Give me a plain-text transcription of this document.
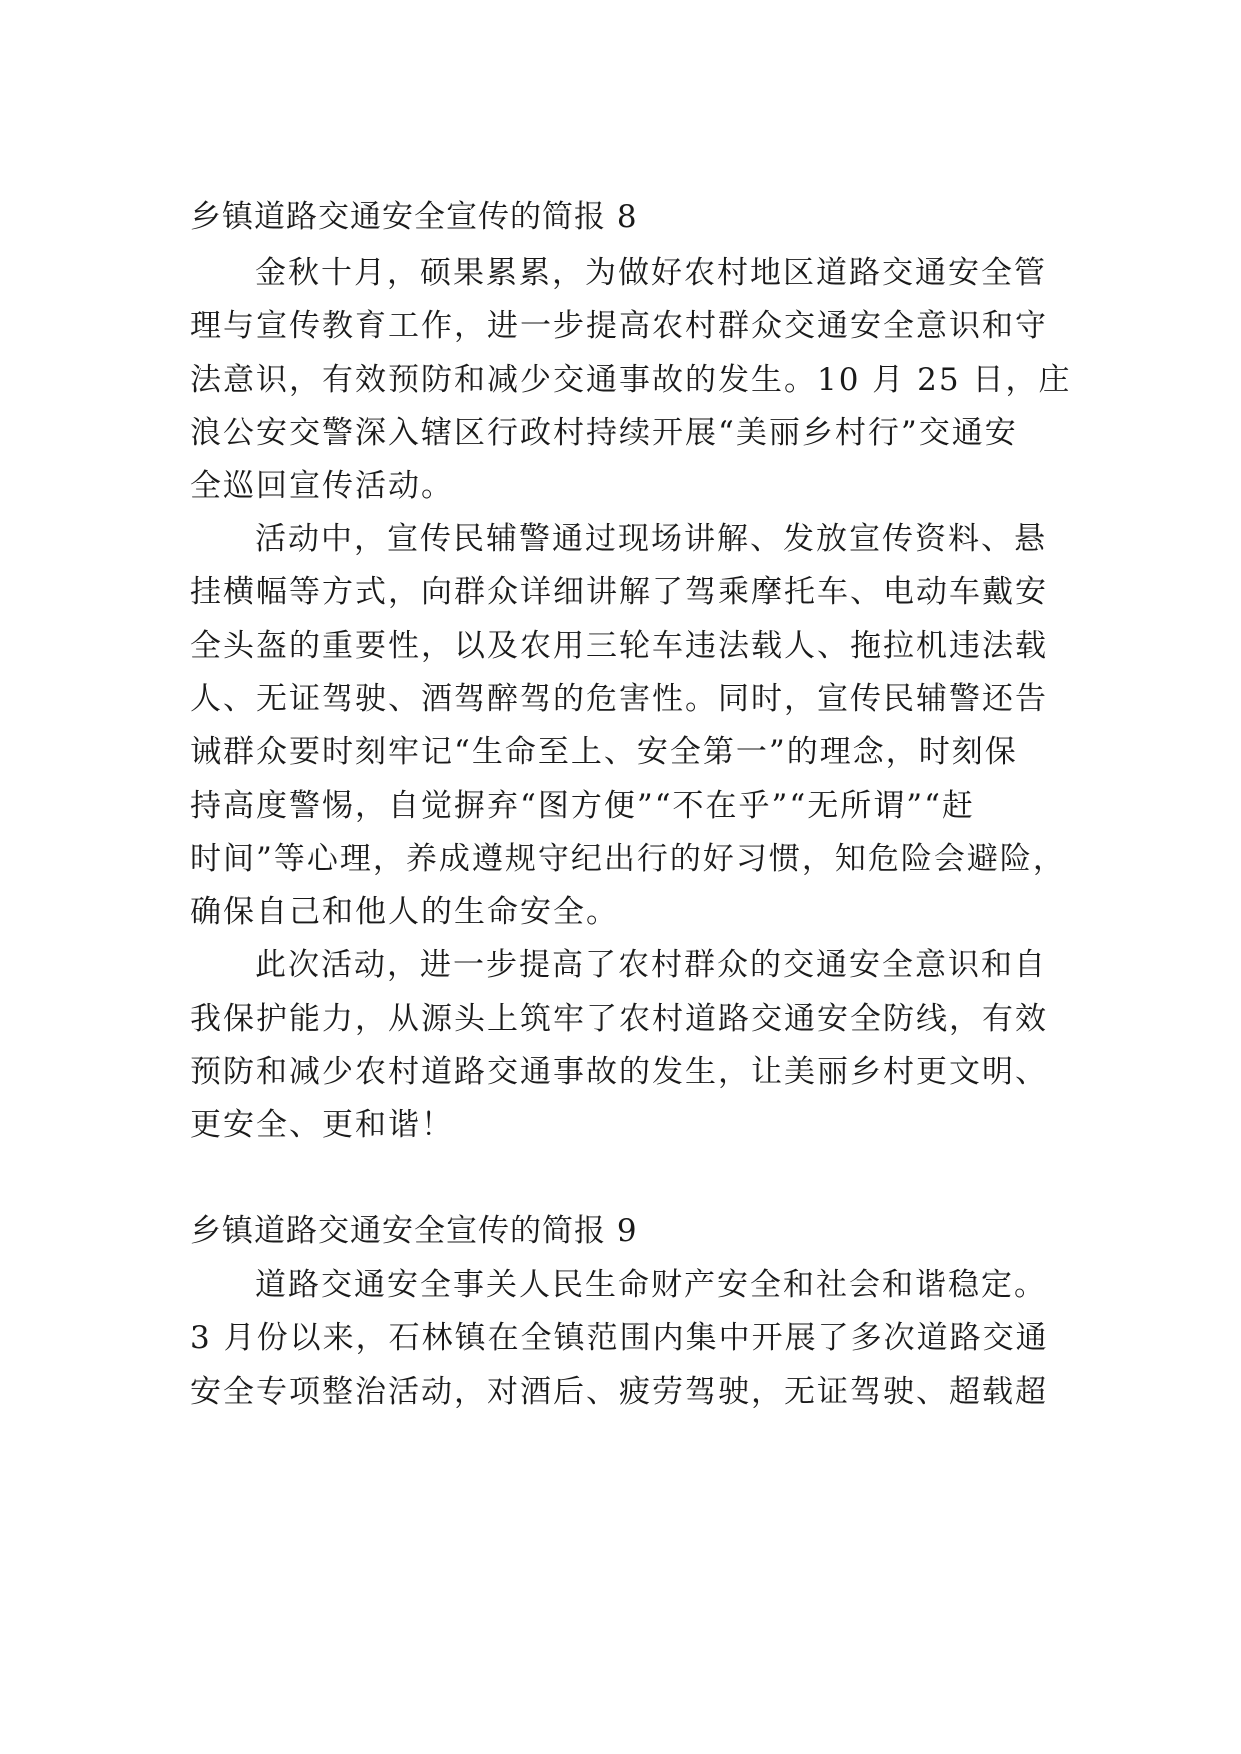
乡镇道路交通安全宣传的简报 8
金秋十月，硕果累累，为做好农村地区道路交通安全管
理与宣传教育工作，进一步提高农村群众交通安全意识和守
法意识，有效预防和减少交通事故的发生。10 月 25 日，庄
浪公安交警深入辖区行政村持续开展“美丽乡村行”交通安
全巡回宣传活动。
活动中，宣传民辅警通过现场讲解、发放宣传资料、悬
挂横幅等方式，向群众详细讲解了驾乘摩托车、电动车戴安
全头盔的重要性，以及农用三轮车违法载人、拖拉机违法载
人、无证驾驶、酒驾醉驾的危害性。同时，宣传民辅警还告
诫群众要时刻牢记“生命至上、安全第一”的理念，时刻保
持高度警惕，自觉摒弃“图方便”“不在乎”“无所谓”“赶
时间”等心理，养成遵规守纪出行的好习惯，知危险会避险，
确保自己和他人的生命安全。
此次活动，进一步提高了农村群众的交通安全意识和自
我保护能力，从源头上筑牢了农村道路交通安全防线，有效
预防和减少农村道路交通事故的发生，让美丽乡村更文明、
更安全、更和谐！
乡镇道路交通安全宣传的简报 9
道路交通安全事关人民生命财产安全和社会和谐稳定。
3 月份以来，石林镇在全镇范围内集中开展了多次道路交通
安全专项整治活动，对酒后、疲劳驾驶，无证驾驶、超载超
